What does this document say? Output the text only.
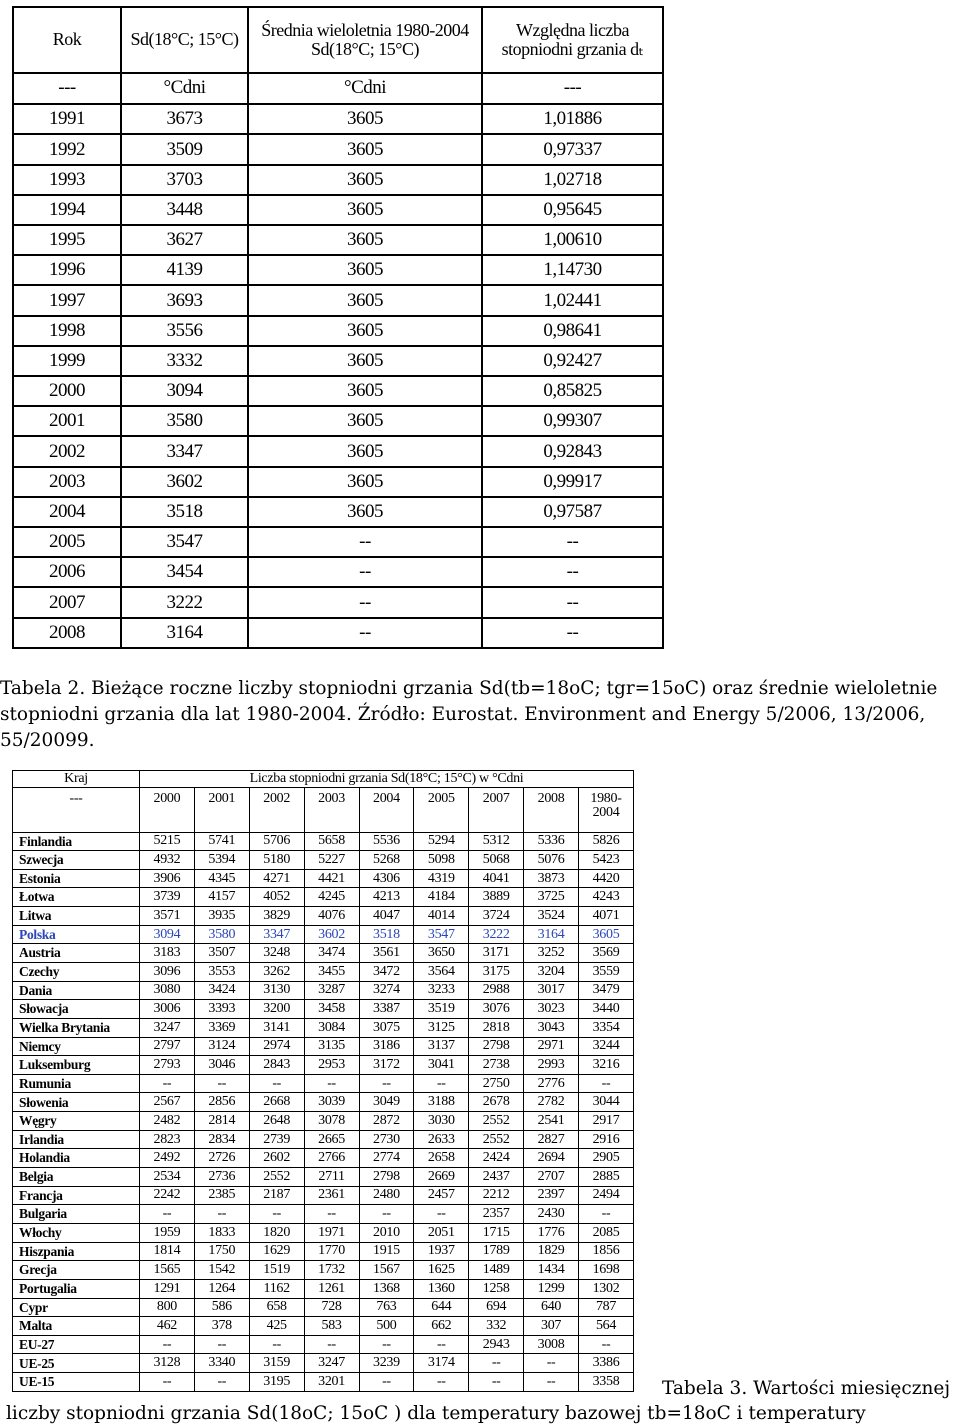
Rok	Sd(18°C; 15°C)	Średnia wieloletnia 1980-2004 Sd(18°C; 15°C)	Względna liczba stopniodni grzania dₜ
---	°Cdni	°Cdni	---
1991	3673	3605	1,01886
1992	3509	3605	0,97337
1993	3703	3605	1,02718
1994	3448	3605	0,95645
1995	3627	3605	1,00610
1996	4139	3605	1,14730
1997	3693	3605	1,02441
1998	3556	3605	0,98641
1999	3332	3605	0,92427
2000	3094	3605	0,85825
2001	3580	3605	0,99307
2002	3347	3605	0,92843
2003	3602	3605	0,99917
2004	3518	3605	0,97587
2005	3547	--	--
2006	3454	--	--
2007	3222	--	--
2008	3164	--	--
Tabela 2. Bieżące roczne liczby stopniodni grzania Sd(tb=18oC; tgr=15oC) oraz średnie wieloletnie stopniodni grzania dla lat 1980-2004. Źródło: Eurostat. Environment and Energy 5/2006, 13/2006, 55/20099.
Kraj	Liczba stopniodni grzania Sd(18°C; 15°C) w °Cdni								
---	2000	2001	2002	2003	2004	2005	2007	2008	1980-2004
Finlandia	5215	5741	5706	5658	5536	5294	5312	5336	5826
Szwecja	4932	5394	5180	5227	5268	5098	5068	5076	5423
Estonia	3906	4345	4271	4421	4306	4319	4041	3873	4420
Łotwa	3739	4157	4052	4245	4213	4184	3889	3725	4243
Litwa	3571	3935	3829	4076	4047	4014	3724	3524	4071
Polska	3094	3580	3347	3602	3518	3547	3222	3164	3605
Austria	3183	3507	3248	3474	3561	3650	3171	3252	3569
Czechy	3096	3553	3262	3455	3472	3564	3175	3204	3559
Dania	3080	3424	3130	3287	3274	3233	2988	3017	3479
Słowacja	3006	3393	3200	3458	3387	3519	3076	3023	3440
Wielka Brytania	3247	3369	3141	3084	3075	3125	2818	3043	3354
Niemcy	2797	3124	2974	3135	3186	3137	2798	2971	3244
Luksemburg	2793	3046	2843	2953	3172	3041	2738	2993	3216
Rumunia	--	--	--	--	--	--	2750	2776	--
Słowenia	2567	2856	2668	3039	3049	3188	2678	2782	3044
Węgry	2482	2814	2648	3078	2872	3030	2552	2541	2917
Irlandia	2823	2834	2739	2665	2730	2633	2552	2827	2916
Holandia	2492	2726	2602	2766	2774	2658	2424	2694	2905
Belgia	2534	2736	2552	2711	2798	2669	2437	2707	2885
Francja	2242	2385	2187	2361	2480	2457	2212	2397	2494
Bulgaria	--	--	--	--	--	--	2357	2430	--
Włochy	1959	1833	1820	1971	2010	2051	1715	1776	2085
Hiszpania	1814	1750	1629	1770	1915	1937	1789	1829	1856
Grecja	1565	1542	1519	1732	1567	1625	1489	1434	1698
Portugalia	1291	1264	1162	1261	1368	1360	1258	1299	1302
Cypr	800	586	658	728	763	644	694	640	787
Malta	462	378	425	583	500	662	332	307	564
EU-27	--	--	--	--	--	--	2943	3008	--
UE-25	3128	3340	3159	3247	3239	3174	--	--	3386
UE-15	--	--	3195	3201	--	--	--	--	3358 Tabela 3. Wartości miesięcznej
liczby stopniodni grzania Sd(18oC; 15oC ) dla temperatury bazowej tb=18oC i temperatury
